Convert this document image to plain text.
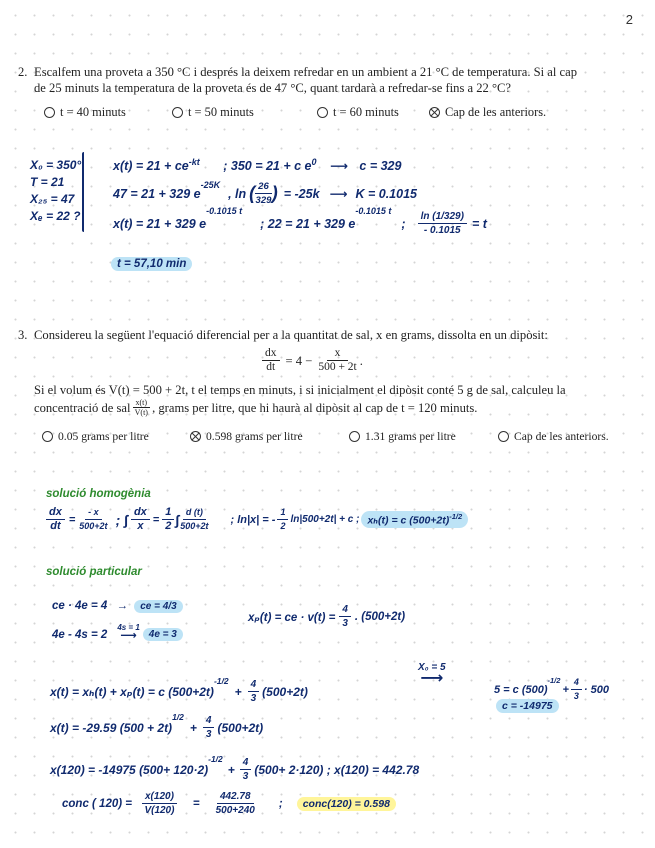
2
2. Escalfem una proveta a 350 °C i després la deixem refredar en un ambient a 21 °C de temperatura. Si al cap
de 25 minuts la temperatura de la proveta és de 47 °C, quant tardarà a refredar-se fins a 22 °C?
t = 40 minuts	t = 50 minuts	t = 60 minuts	Cap de les anteriors.
X₀ = 350°
T = 21
X₂₅ = 47
Xₑ = 22 ?
$x(t) = 21 + ce^{-kt}$ ; 350 = 21 + c $e^0$ ⟶ c = 329
47 = 21 + 329 e
$^{-25K}$
, ln ( $\frac{26}{329}$ ) = -25k ⟶ K = 0.1015
x(t) = 21 + 329 e
-0.1015 t
; 22 = 21 + 329 e
-0.1015 t
; $\frac{\ln (1/329)}{- 0.1015} = t$
t = 57,10 min
3. Considereu la següent l'equació diferencial per a la quantitat de sal, x en grams, dissolta en un dipòsit:
$\frac{dx}{dt} = 4 - \frac{x}{500 + 2t}$ .
Si el volum és V(t) = 500 + 2t, t el temps en minuts, i si inicialment el dipòsit conté 5 g de sal, calculeu la
concentració de sal $\frac{x(t)}{V(t)}$ , grams per litre, que hi haurà al dipòsit al cap de t = 120 minuts.
0.05 grams per litre	0.598 grams per litre	1.31 grams per litre	Cap de les anteriors.
solució homogènia
$\frac{dx}{dt} = \frac{- x}{500+2t}$ ; ∫ $\frac{dx}{x} = \frac{1}{2}$ ∫ $\frac{d (t)}{500+2t}$ ; ln|x| = - $\frac{1}{2} \ln|500+2t| + c$ ; xₕ(t) = c $(500+2t)^{-1/2}$
solució particular
ce · 4e = 4 → ce = 4/3
4e - 4s = 2
4s = 1
⟶	4e = 3
xₚ(t) = ce · $v(t) = \frac{4}{3}$ . (500+2t)
x(t) = xₕ(t) + xₚ(t) = c (500+2t)
$^{-1/2}$
+ $\frac{4}{3} (500+2t)$
X₀ = 5
⟶
5 = c (500)
$^{-1/2}$
+ $\frac{4}{3} \cdot 500$
c = -14975
x(t) = -29.59 (500 + 2t)
$^{1/2}$
+ $\frac{4}{3} (500+2t)$
x(120) = -14975 (500+ 120·2)
$^{-1/2}$
+ $\frac{4}{3} (500+ 2\cdot 120)$ ; x(120) = 442.78
conc ( $120) = \frac{x(120)}{V(120)} = \frac{442.78}{500+240}$ ;	conc(120) = 0.598
